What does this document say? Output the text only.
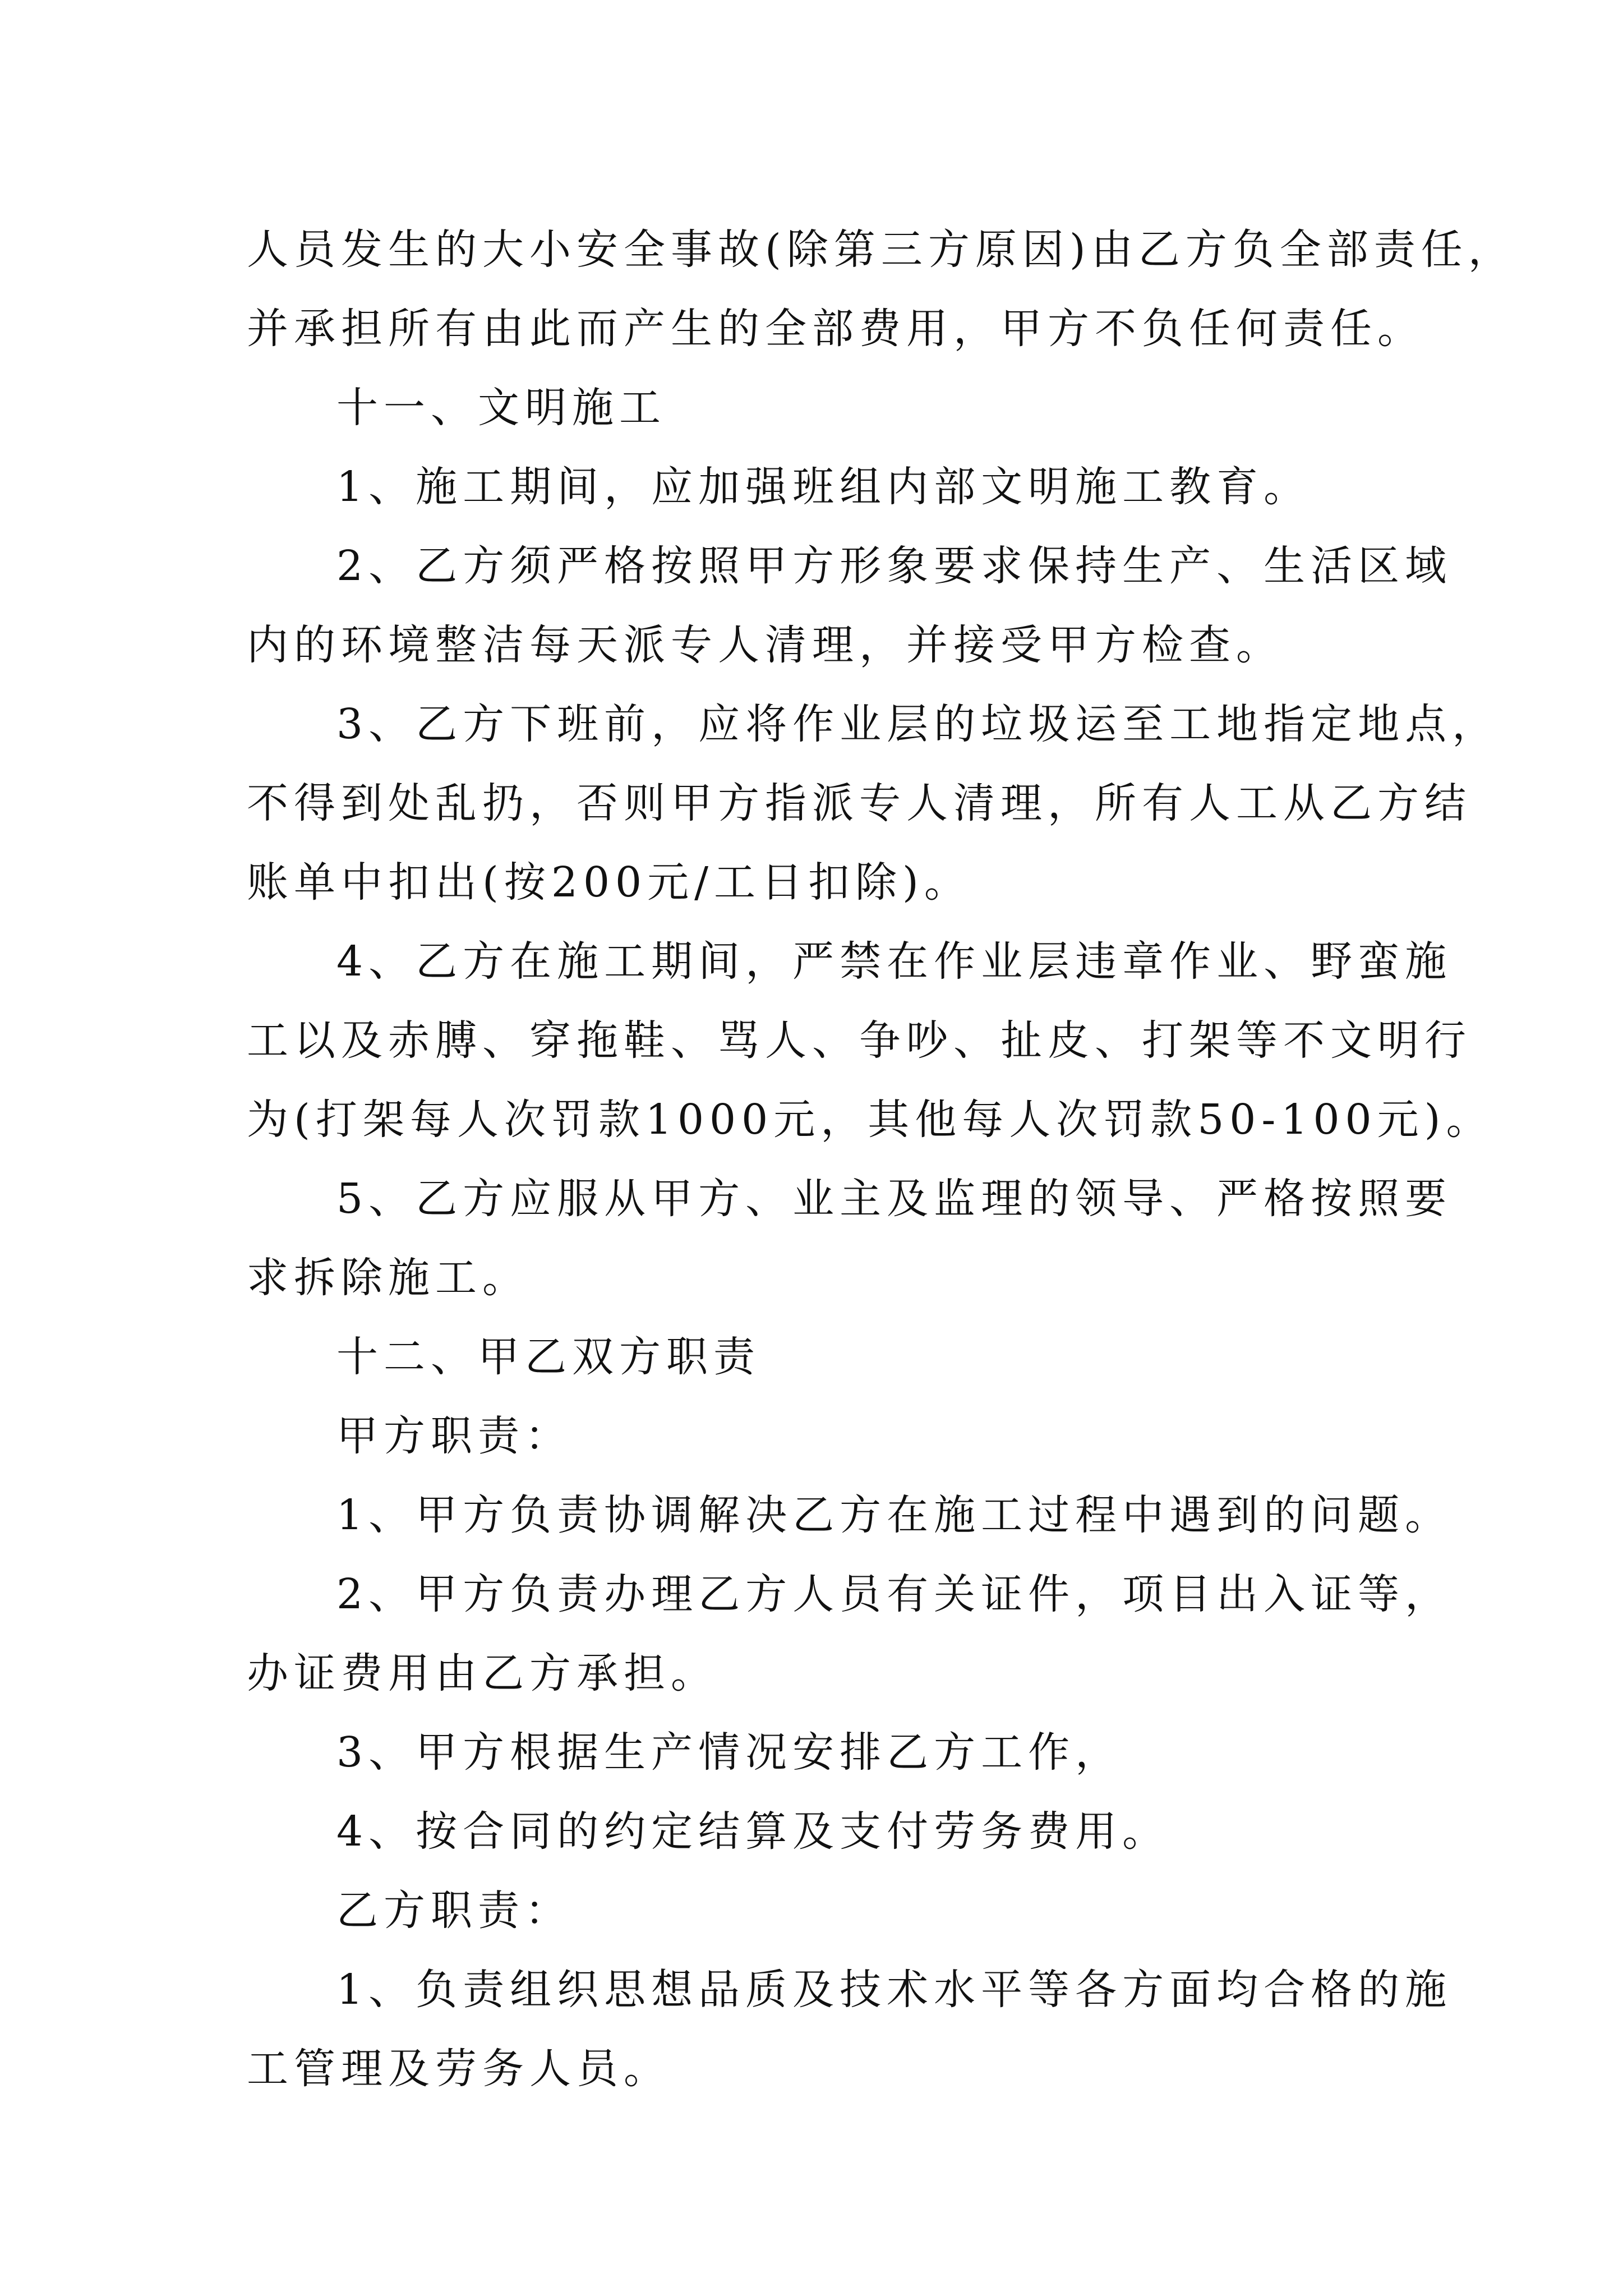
人员发生的大小安全事故(除第三方原因)由乙方负全部责任，
并承担所有由此而产生的全部费用，甲方不负任何责任。
十一、文明施工
1、施工期间，应加强班组内部文明施工教育。
2、乙方须严格按照甲方形象要求保持生产、生活区域
内的环境整洁每天派专人清理，并接受甲方检查。
3、乙方下班前，应将作业层的垃圾运至工地指定地点，
不得到处乱扔，否则甲方指派专人清理，所有人工从乙方结
账单中扣出(按200元/工日扣除)。
4、乙方在施工期间，严禁在作业层违章作业、野蛮施
工以及赤膊、穿拖鞋、骂人、争吵、扯皮、打架等不文明行
为(打架每人次罚款1000元，其他每人次罚款50-100元)。
5、乙方应服从甲方、业主及监理的领导、严格按照要
求拆除施工。
十二、甲乙双方职责
甲方职责：
1、甲方负责协调解决乙方在施工过程中遇到的问题。
2、甲方负责办理乙方人员有关证件，项目出入证等，
办证费用由乙方承担。
3、甲方根据生产情况安排乙方工作，
4、按合同的约定结算及支付劳务费用。
乙方职责：
1、负责组织思想品质及技术水平等各方面均合格的施
工管理及劳务人员。
